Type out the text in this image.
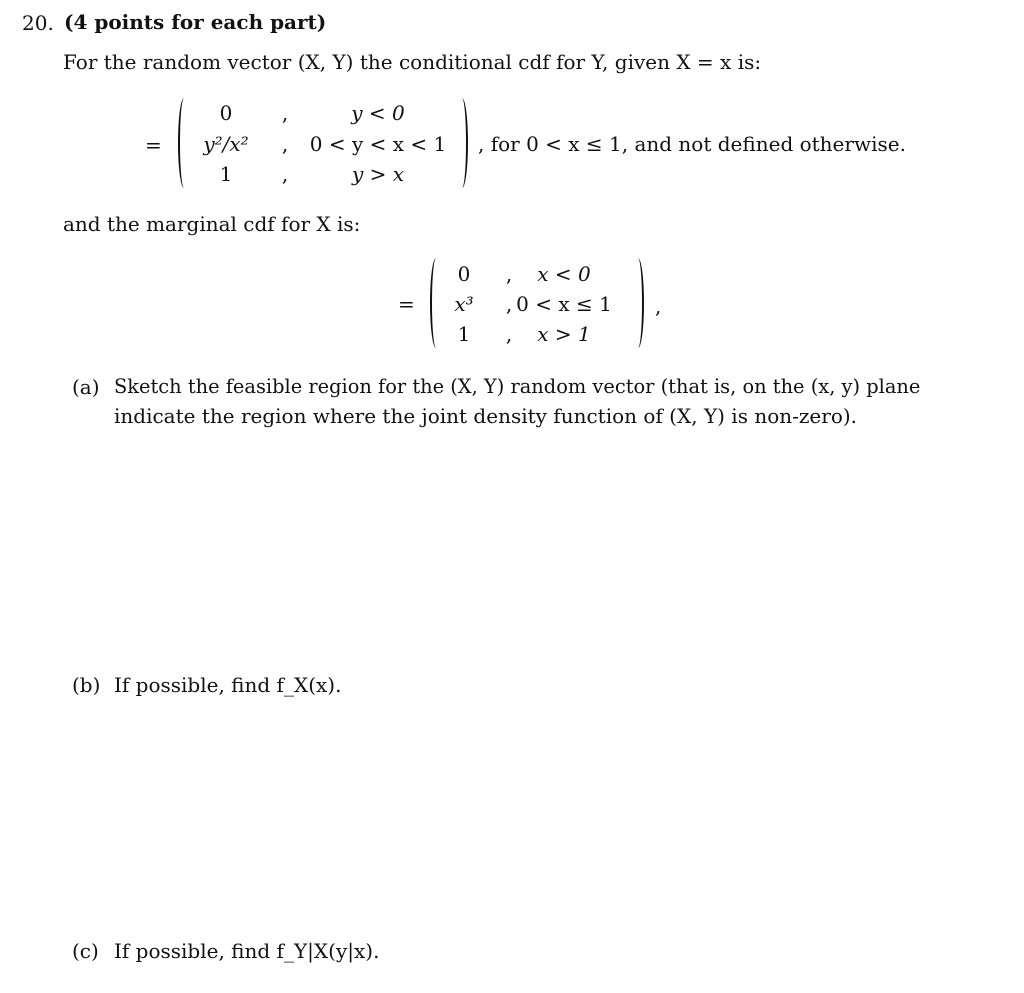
20. (4 points for each part)
For the random vector (X, Y) the conditional cdf for Y, given X = x is:
=
0	,	y < 0
y²/x²	,	0 < y < x < 1
1	,	y > x
, for 0 < x ≤ 1, and not defined otherwise.
and the marginal cdf for X is:
=
0	,	x < 0
x³	, 0 < x ≤ 1
1	,	x > 1
,
(a) Sketch the feasible region for the (X, Y) random vector (that is, on the (x, y) plane
indicate the region where the joint density function of (X, Y) is non-zero).
(b) If possible, find f_X(x).
(c) If possible, find f_Y|X(y|x).
